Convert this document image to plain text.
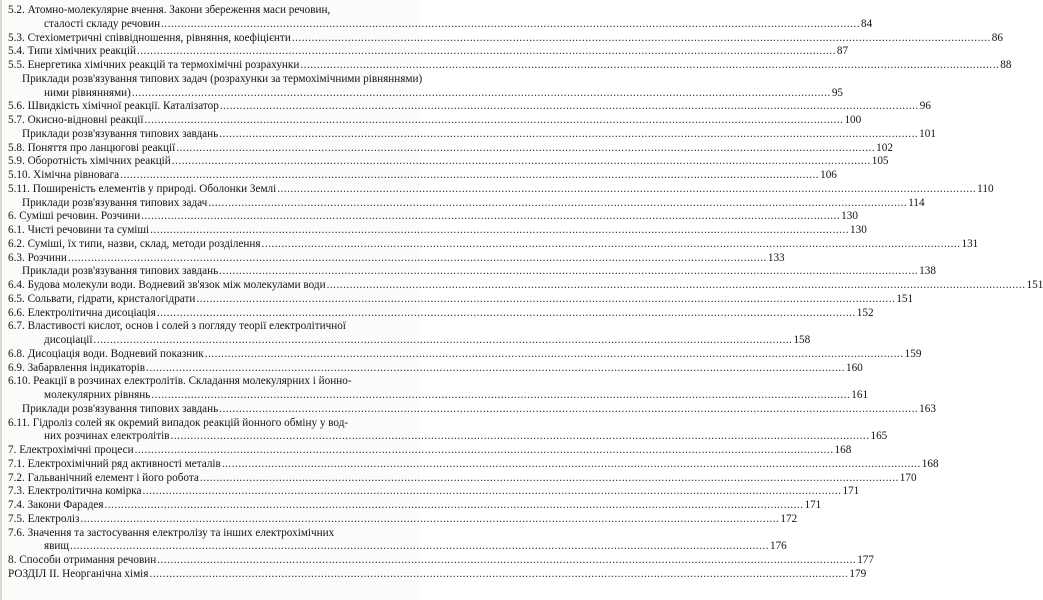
5.2. Атомно-молекулярне вчення. Закони збереження маси речовин,
сталості складу речовин .....	84
5.3. Стехіометричні співвідношення, рівняння, коефіцієнти .....	86
5.4. Типи хімічних реакцій .....	87
5.5. Енергетика хімічних реакцій та термохімічні розрахунки .....	88
Приклади розв'язування типових задач (розрахунки за термохімічними рівняннями)
ними рівняннями) .....	95
5.6. Швидкість хімічної реакції. Каталізатор .....	96
5.7. Окисно-відновні реакції .....	100
Приклади розв'язування типових завдань .....	101
5.8. Поняття про ланцюгові реакції .....	102
5.9. Оборотність хімічних реакцій .....	105
5.10. Хімічна рівновага .....	106
5.11. Поширеність елементів у природі. Оболонки Землі .....	110
Приклади розв'язування типових задач .....	114
6. Суміші речовин. Розчини .....	130
6.1. Чисті речовини та суміші .....	130
6.2. Суміші, їх типи, назви, склад, методи розділення .....	131
6.3. Розчини .....	133
Приклади розв'язування типових завдань .....	138
6.4. Будова молекули води. Водневий зв'язок між молекулами води .....	151
6.5. Сольвати, гідрати, кристалогідрати .....	151
6.6. Електролітична дисоціація .....	152
6.7. Властивості кислот, основ і солей з погляду теорії електролітичної
дисоціації .....	158
6.8. Дисоціація води. Водневий показник .....	159
6.9. Забарвлення індикаторів .....	160
6.10. Реакції в розчинах електролітів. Складання молекулярних і йонно-
молекулярних рівнянь .....	161
Приклади розв'язування типових завдань .....	163
6.11. Гідроліз солей як окремий випадок реакцій йонного обміну у вод-
них розчинах електролітів .....	165
7. Електрохімічні процеси .....	168
7.1. Електрохімічний ряд активності металів .....	168
7.2. Гальванічний елемент і його робота .....	170
7.3. Електролітична комірка .....	171
7.4. Закони Фарадея .....	171
7.5. Електроліз .....	172
7.6. Значення та застосування електролізу та інших електрохімічних
явищ .....	176
8. Способи отримання речовин .....	177
РОЗДІЛ II. Неорганічна хімія .....	179
